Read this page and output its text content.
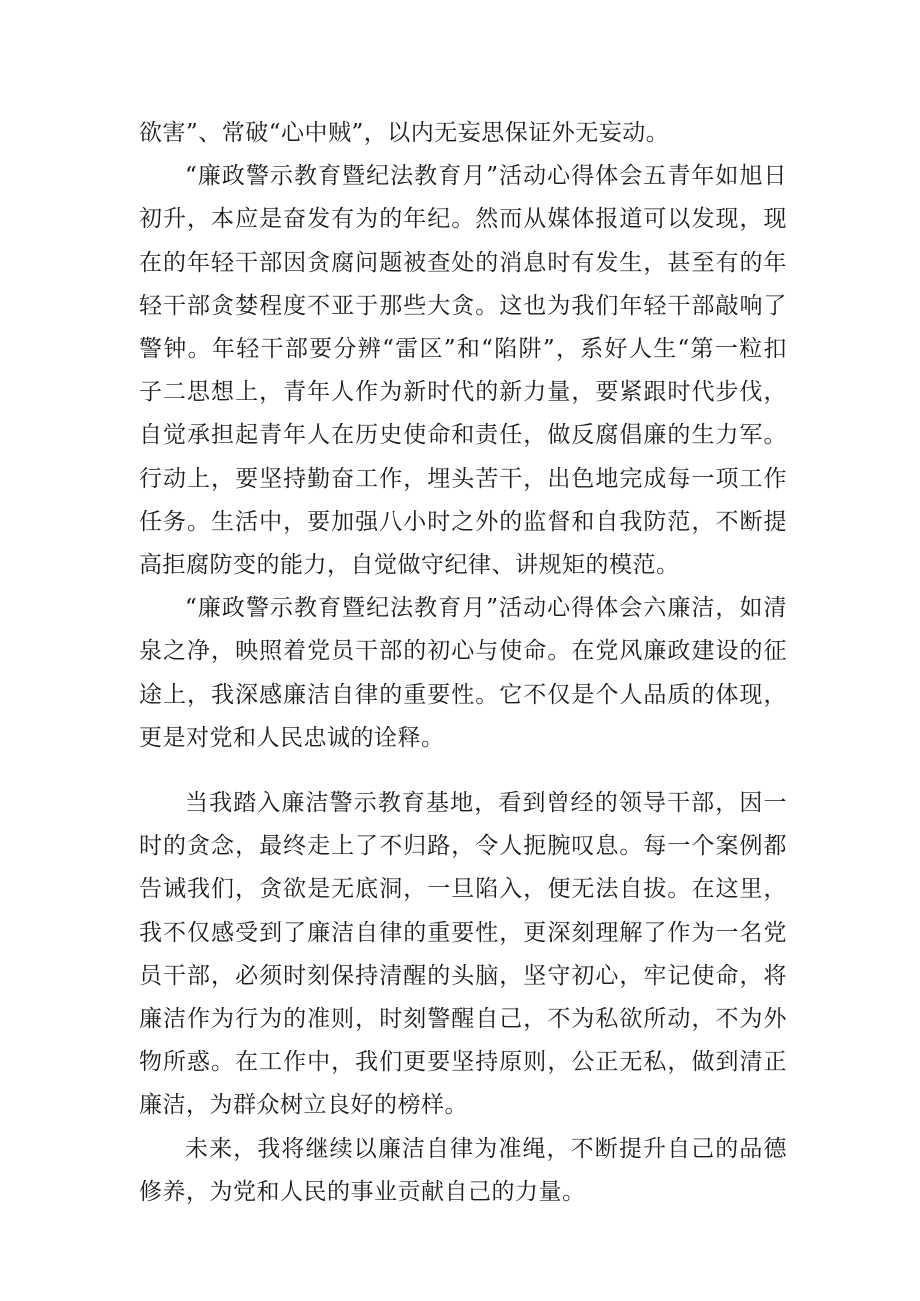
欲害”、常破“心中贼”，以内无妄思保证外无妄动。

“廉政警示教育暨纪法教育月”活动心得体会五青年如旭日初升，本应是奋发有为的年纪。然而从媒体报道可以发现，现在的年轻干部因贪腐问题被查处的消息时有发生，甚至有的年轻干部贪婪程度不亚于那些大贪。这也为我们年轻干部敲响了警钟。年轻干部要分辨“雷区”和“陷阱”，系好人生“第一粒扣子二思想上，青年人作为新时代的新力量，要紧跟时代步伐，自觉承担起青年人在历史使命和责任，做反腐倡廉的生力军。行动上，要坚持勤奋工作，埋头苦干，出色地完成每一项工作任务。生活中，要加强八小时之外的监督和自我防范，不断提高拒腐防变的能力，自觉做守纪律、讲规矩的模范。

“廉政警示教育暨纪法教育月”活动心得体会六廉洁，如清泉之净，映照着党员干部的初心与使命。在党风廉政建设的征途上，我深感廉洁自律的重要性。它不仅是个人品质的体现，更是对党和人民忠诚的诠释。

当我踏入廉洁警示教育基地，看到曾经的领导干部，因一时的贪念，最终走上了不归路，令人扼腕叹息。每一个案例都告诫我们，贪欲是无底洞，一旦陷入，便无法自拔。在这里，我不仅感受到了廉洁自律的重要性，更深刻理解了作为一名党员干部，必须时刻保持清醒的头脑，坚守初心，牢记使命，将廉洁作为行为的准则，时刻警醒自己，不为私欲所动，不为外物所惑。在工作中，我们更要坚持原则，公正无私，做到清正廉洁，为群众树立良好的榜样。

未来，我将继续以廉洁自律为准绳，不断提升自己的品德修养，为党和人民的事业贡献自己的力量。
